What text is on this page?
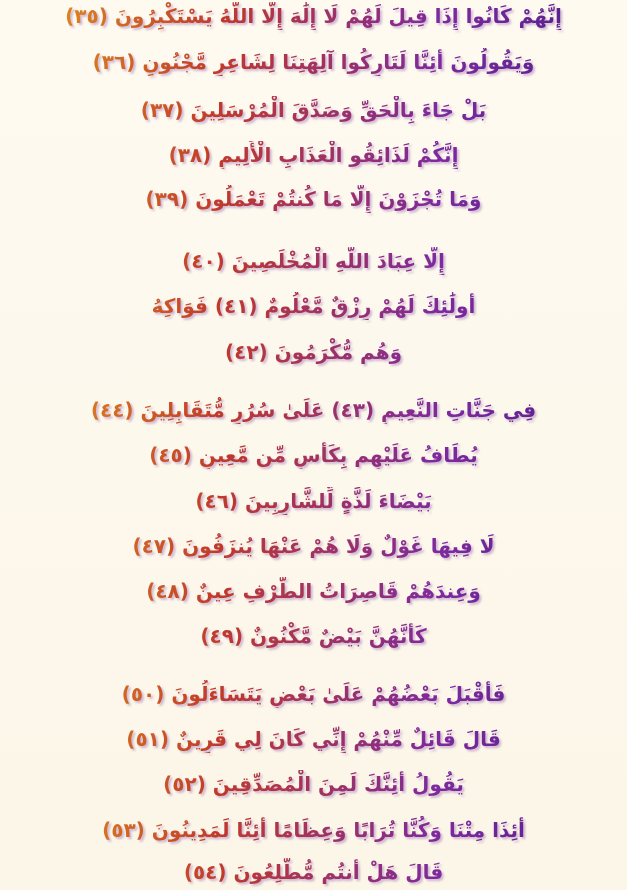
إِنَّهُمْ كَانُوا إِذَا قِيلَ لَهُمْ لَا إِلَٰهَ إِلَّا اللَّهُ يَسْتَكْبِرُونَ (٣٥)
وَيَقُولُونَ أَئِنَّا لَتَارِكُوا آلِهَتِنَا لِشَاعِرٍ مَّجْنُونٍ (٣٦)
بَلْ جَاءَ بِالْحَقِّ وَصَدَّقَ الْمُرْسَلِينَ (٣٧)
إِنَّكُمْ لَذَائِقُو الْعَذَابِ الْأَلِيمِ (٣٨)
وَمَا تُجْزَوْنَ إِلَّا مَا كُنتُمْ تَعْمَلُونَ (٣٩)
إِلَّا عِبَادَ اللَّهِ الْمُخْلَصِينَ (٤٠)
أُولَٰئِكَ لَهُمْ رِزْقٌ مَّعْلُومٌ (٤١) فَوَاكِهُ
وَهُم مُّكْرَمُونَ (٤٢)
فِي جَنَّاتِ النَّعِيمِ (٤٣) عَلَىٰ سُرُرٍ مُّتَقَابِلِينَ (٤٤)
يُطَافُ عَلَيْهِم بِكَأْسٍ مِّن مَّعِينٍ (٤٥)
بَيْضَاءَ لَذَّةٍ لِّلشَّارِبِينَ (٤٦)
لَا فِيهَا غَوْلٌ وَلَا هُمْ عَنْهَا يُنزَفُونَ (٤٧)
وَعِندَهُمْ قَاصِرَاتُ الطَّرْفِ عِينٌ (٤٨)
كَأَنَّهُنَّ بَيْضٌ مَّكْنُونٌ (٤٩)
فَأَقْبَلَ بَعْضُهُمْ عَلَىٰ بَعْضٍ يَتَسَاءَلُونَ (٥٠)
قَالَ قَائِلٌ مِّنْهُمْ إِنِّي كَانَ لِي قَرِينٌ (٥١)
يَقُولُ أَئِنَّكَ لَمِنَ الْمُصَدِّقِينَ (٥٢)
أَئِذَا مِتْنَا وَكُنَّا تُرَابًا وَعِظَامًا أَئِنَّا لَمَدِينُونَ (٥٣)
قَالَ هَلْ أَنتُم مُّطَّلِعُونَ (٥٤)
